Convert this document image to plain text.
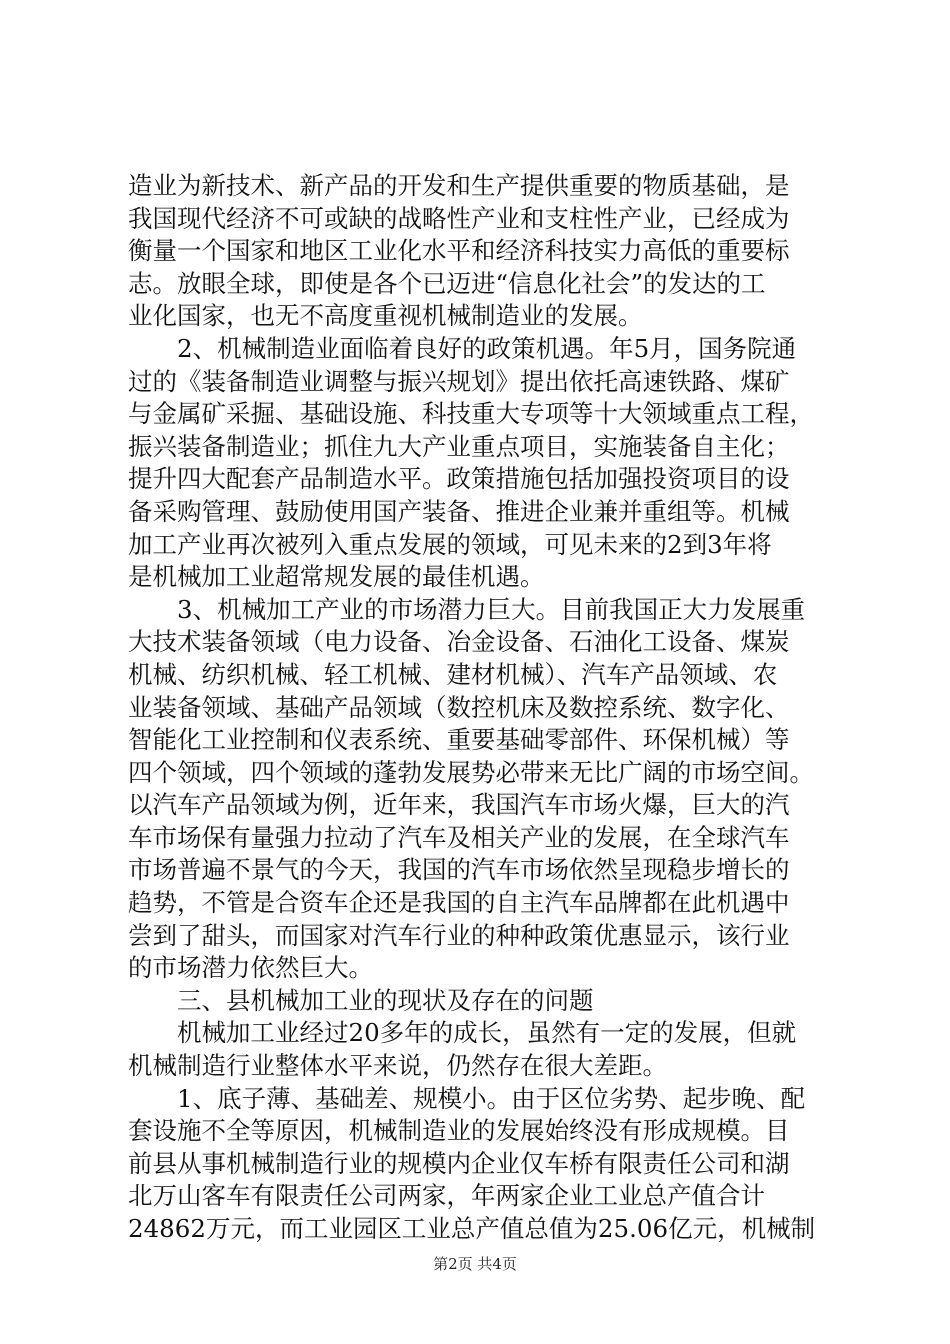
造业为新技术、新产品的开发和生产提供重要的物质基础，是
我国现代经济不可或缺的战略性产业和支柱性产业，已经成为
衡量一个国家和地区工业化水平和经济科技实力高低的重要标
志。放眼全球，即使是各个已迈进“信息化社会”的发达的工
业化国家，也无不高度重视机械制造业的发展。
2、机械制造业面临着良好的政策机遇。年5月，国务院通
过的《装备制造业调整与振兴规划》提出依托高速铁路、煤矿
与金属矿采掘、基础设施、科技重大专项等十大领域重点工程，
振兴装备制造业；抓住九大产业重点项目，实施装备自主化；
提升四大配套产品制造水平。政策措施包括加强投资项目的设
备采购管理、鼓励使用国产装备、推进企业兼并重组等。机械
加工产业再次被列入重点发展的领域，可见未来的2到3年将
是机械加工业超常规发展的最佳机遇。
3、机械加工产业的市场潜力巨大。目前我国正大力发展重
大技术装备领域（电力设备、冶金设备、石油化工设备、煤炭
机械、纺织机械、轻工机械、建材机械）、汽车产品领域、农
业装备领域、基础产品领域（数控机床及数控系统、数字化、
智能化工业控制和仪表系统、重要基础零部件、环保机械）等
四个领域，四个领域的蓬勃发展势必带来无比广阔的市场空间。
以汽车产品领域为例，近年来，我国汽车市场火爆，巨大的汽
车市场保有量强力拉动了汽车及相关产业的发展，在全球汽车
市场普遍不景气的今天，我国的汽车市场依然呈现稳步增长的
趋势，不管是合资车企还是我国的自主汽车品牌都在此机遇中
尝到了甜头，而国家对汽车行业的种种政策优惠显示，该行业
的市场潜力依然巨大。
三、县机械加工业的现状及存在的问题
机械加工业经过20多年的成长，虽然有一定的发展，但就
机械制造行业整体水平来说，仍然存在很大差距。
1、底子薄、基础差、规模小。由于区位劣势、起步晚、配
套设施不全等原因，机械制造业的发展始终没有形成规模。目
前县从事机械制造行业的规模内企业仅车桥有限责任公司和湖
北万山客车有限责任公司两家，年两家企业工业总产值合计
24862万元，而工业园区工业总产值总值为25.06亿元，机械制
第2页 共4页
